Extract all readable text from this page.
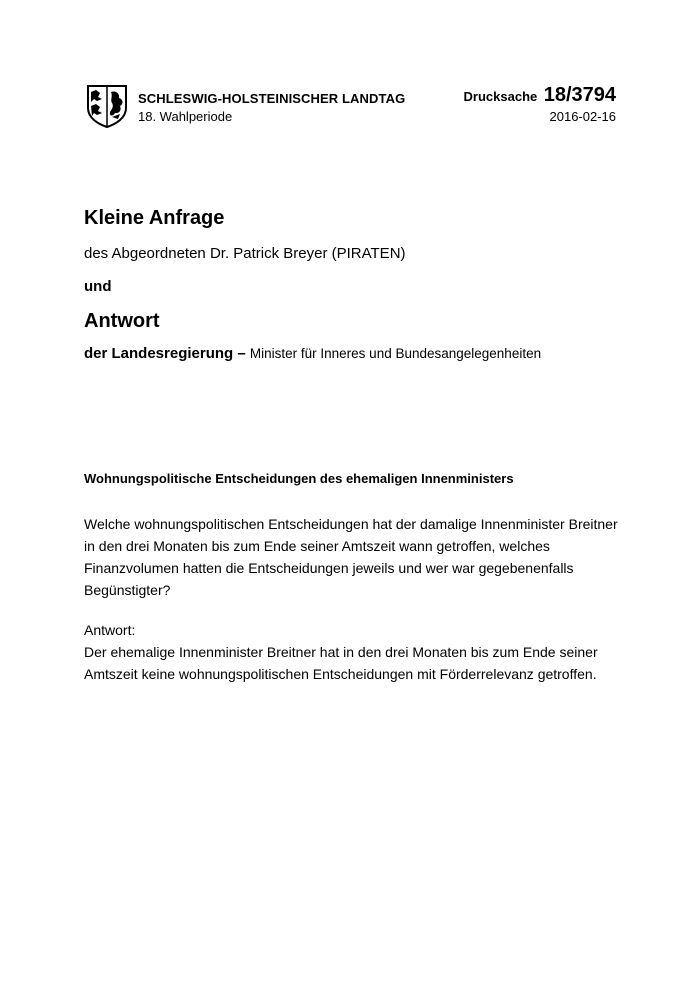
SCHLESWIG-HOLSTEINISCHER LANDTAG
18. Wahlperiode
Drucksache 18/3794
2016-02-16
Kleine Anfrage
des Abgeordneten Dr. Patrick Breyer (PIRATEN)
und
Antwort
der Landesregierung – Minister für Inneres und Bundesangelegenheiten
Wohnungspolitische Entscheidungen des ehemaligen Innenministers
Welche wohnungspolitischen Entscheidungen hat der damalige Innenminister Breitner in den drei Monaten bis zum Ende seiner Amtszeit wann getroffen, welches Finanzvolumen hatten die Entscheidungen jeweils und wer war gegebenenfalls Begünstigter?
Antwort:
Der ehemalige Innenminister Breitner hat in den drei Monaten bis zum Ende seiner Amtszeit keine wohnungspolitischen Entscheidungen mit Förderrelevanz getroffen.
